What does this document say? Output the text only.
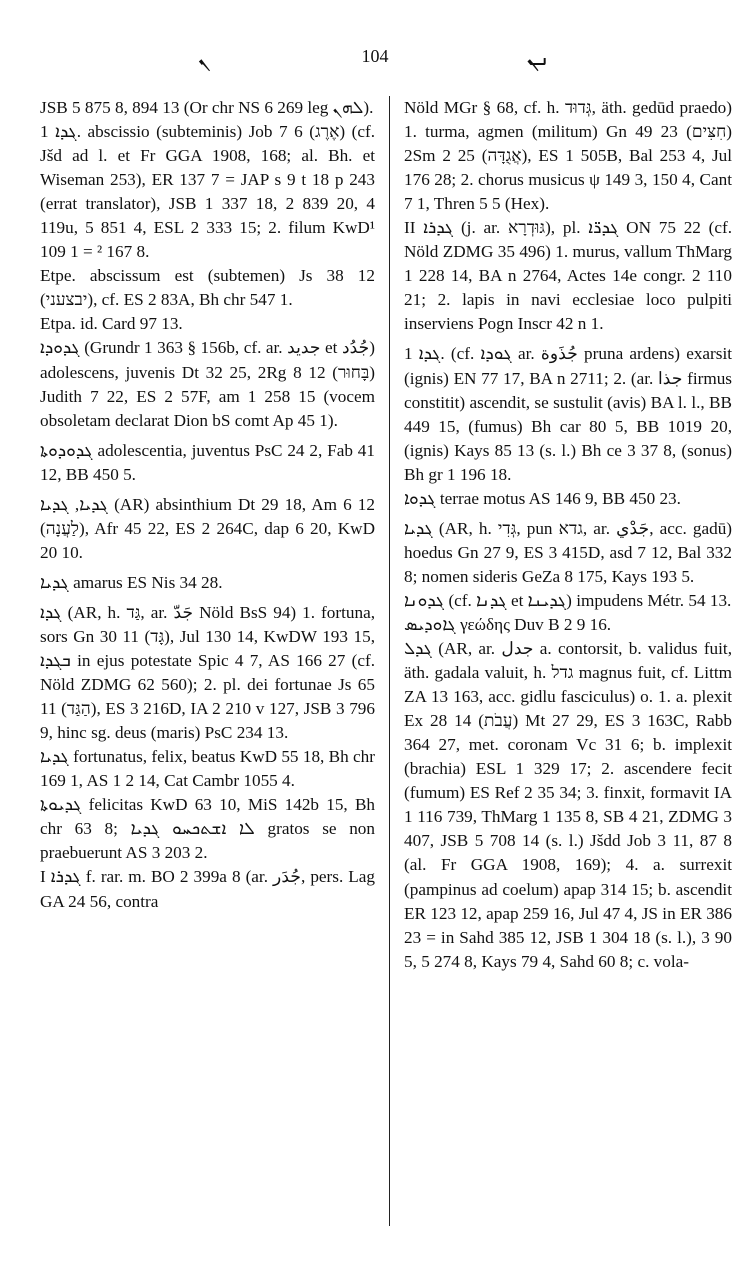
ܢ	104	ܢܢ

JSB 5 875 8, 894 13 (Or chr NS 6 269 leg ܠܗܢ).

ܓܕܐ 1. abscissio (subteminis) Job 7 6 (אֶרֶג) (cf. Jšd ad l. et Fr GGA 1908, 168; al. Bh. et Wiseman 253), ER 137 7 = JAP s 9 t 18 p 243 (errat translator), JSB 1 337 18, 2 839 20, 4 119u, 5 851 4, ESL 2 333 15; 2. filum KwD¹ 109 1 = ² 167 8.

Etpe. abscissum est (subtemen) Js 38 12 (יבצעני), cf. ES 2 83A, Bh chr 547 1.

Etpa. id. Card 97 13.

ܓܕܘܕܐ (Grundr 1 363 § 156b, cf. ar. جديد et جُدُد) adolescens, juvenis Dt 32 25, 2Rg 8 12 (בָּחוּר) Judith 7 22, ES 2 57F, am 1 258 15 (vocem obsoletam declarat Dion bS comt Ap 45 1).

ܓܕܘܕܘܬܐ adolescentia, juventus PsC 24 2, Fab 41 12, BB 450 5.

ܓܕܝܐ, ܓܕܝܐ (AR) absinthium Dt 29 18, Am 6 12 (לַעֲנָה), Afr 45 22, ES 2 264C, dap 6 20, KwD 20 10.

ܓܕܝܐ amarus ES Nis 34 28.

ܓܕܐ (AR, h. גַּד, ar. جَدّ Nöld BsS 94) 1. fortuna, sors Gn 30 11 (גָּד), Jul 130 14, KwDW 193 15, ܒܓܕܐ in ejus potestate Spic 4 7, AS 166 27 (cf. Nöld ZDMG 62 560); 2. pl. dei fortunae Js 65 11 (הַגַּד), ES 3 216D, IA 2 210 v 127, JSB 3 796 9, hinc sg. deus (maris) PsC 234 13.

ܓܕܝܐ fortunatus, felix, beatus KwD 55 18, Bh chr 169 1, AS 1 2 14, Cat Cambr 1055 4.

ܓܕܝܘܬܐ felicitas KwD 63 10, MiS 142b 15, Bh chr 63 8; ܠܐ ܐܫܬܟܚܘ ܓܕܝܐ gratos se non praebuerunt AS 3 203 2.

I ܓܕܪܐ f. rar. m. BO 2 399a 8 (ar. جُدَر, pers. Lag GA 24 56, contra

Nöld MGr § 68, cf. h. גְּדוּד, äth. gedūd praedo) 1. turma, agmen (militum) Gn 49 23 (חִצִּים) 2Sm 2 25 (אֲגֻדָּה), ES 1 505B, Bal 253 4, Jul 176 28; 2. chorus musicus ψ 149 3, 150 4, Cant 7 1, Thren 5 5 (Hex).

II ܓܕܪܐ (j. ar. גּוּדְרָא), pl. ܓܕܪ̈ܐ ON 75 22 (cf. Nöld ZDMG 35 496) 1. murus, vallum ThMarg 1 228 14, BA n 2764, Actes 14e congr. 2 110 21; 2. lapis in navi ecclesiae loco pulpiti inserviens Pogn Inscr 42 n 1.

ܓܕܐ 1. (cf. ܓܘܕܐ ar. جُذَوة pruna ardens) exarsit (ignis) EN 77 17, BA n 2711; 2. (ar. جذا firmus constitit) ascendit, se sustulit (avis) BA l. l., BB 449 15, (fumus) Bh car 80 5, BB 1019 20, (ignis) Kays 85 13 (s. l.) Bh ce 3 37 8, (sonus) Bh gr 1 196 18.

ܓܕܘܐ terrae motus AS 146 9, BB 450 23.

ܓܕܝܐ (AR, h. גְּדִי, pun גדא, ar. جَدْي, acc. gadū) hoedus Gn 27 9, ES 3 415D, asd 7 12, Bal 332 8; nomen sideris GeZa 8 175, Kays 193 5.

ܓܕܘܢܐ (cf. ܓܕܢܐ et ܓܕܝܢܐ) impudens Métr. 54 13.

ܓܐܘܕܝܣ γεώδης Duv B 2 9 16.

ܓܕܠ (AR, ar. جدل a. contorsit, b. validus fuit, äth. gadala valuit, h. גדל magnus fuit, cf. Littm ZA 13 163, acc. gidlu fasciculus) o. 1. a. plexit Ex 28 14 (עֲבֹת) Mt 27 29, ES 3 163C, Rabb 364 27, met. coronam Vc 31 6; b. implexit (brachia) ESL 1 329 17; 2. ascendere fecit (fumum) ES Ref 2 35 34; 3. finxit, formavit IA 1 116 739, ThMarg 1 135 8, SB 4 21, ZDMG 3 407, JSB 5 708 14 (s. l.) Jšdd Job 3 11, 87 8 (al. Fr GGA 1908, 169); 4. a. surrexit (pampinus ad coelum) apap 314 15; b. ascendit ER 123 12, apap 259 16, Jul 47 4, JS in ER 386 23 = in Sahd 385 12, JSB 1 304 18 (s. l.), 3 90 5, 5 274 8, Kays 79 4, Sahd 60 8; c. vola-
